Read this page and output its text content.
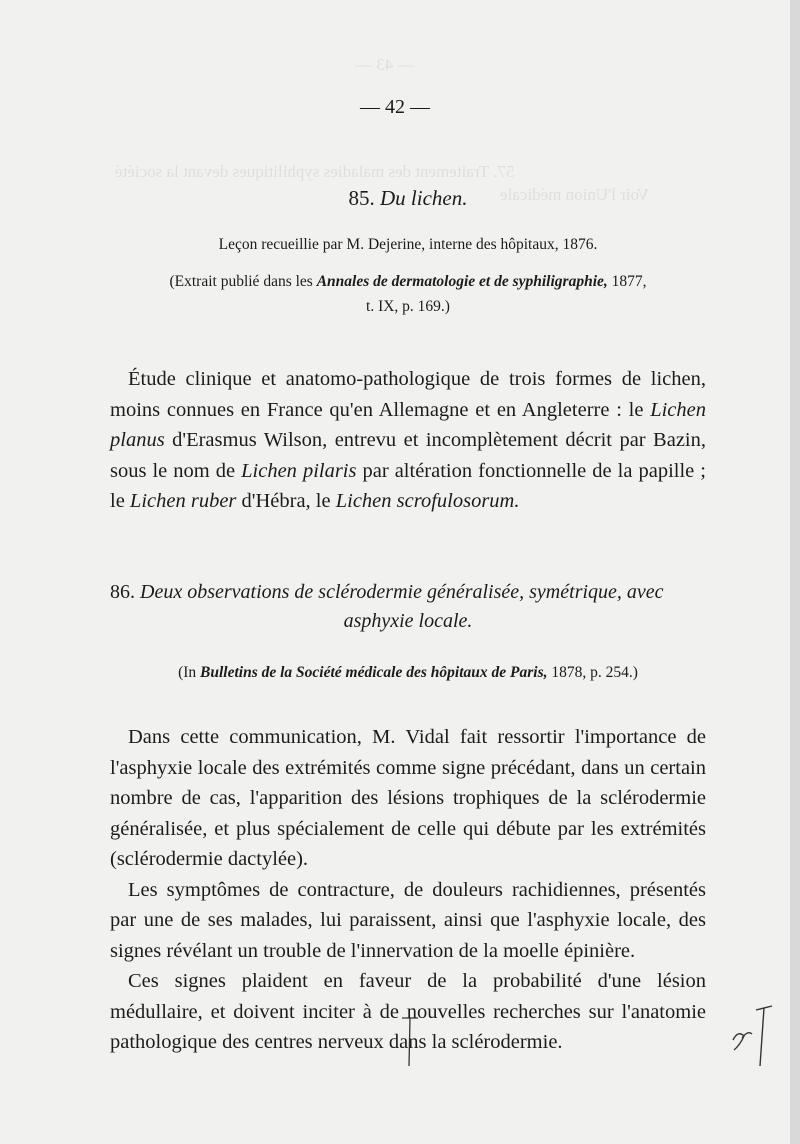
— 43 —
57. Traitement des maladies syphilitiques devant la société
Voir l'Union médicale
— 42 —
85. Du lichen.
Leçon recueillie par M. Dejerine, interne des hôpitaux, 1876.
(Extrait publié dans les Annales de dermatologie et de syphiligraphie, 1877,
t. IX, p. 169.)
Étude clinique et anatomo-pathologique de trois formes de lichen, moins connues en France qu'en Allemagne et en Angleterre : le Lichen planus d'Erasmus Wilson, entrevu et incomplètement décrit par Bazin, sous le nom de Lichen pilaris par altération fonctionnelle de la papille ; le Lichen ruber d'Hébra, le Lichen scrofulosorum.
86. Deux observations de sclérodermie généralisée, symétrique, avec
asphyxie locale.
(In Bulletins de la Société médicale des hôpitaux de Paris, 1878, p. 254.)
Dans cette communication, M. Vidal fait ressortir l'importance de l'asphyxie locale des extrémités comme signe précédant, dans un certain nombre de cas, l'apparition des lésions trophiques de la sclérodermie généralisée, et plus spécialement de celle qui débute par les extrémités (sclérodermie dactylée).
Les symptômes de contracture, de douleurs rachidiennes, présentés par une de ses malades, lui paraissent, ainsi que l'asphyxie locale, des signes révélant un trouble de l'innervation de la moelle épinière.
Ces signes plaident en faveur de la probabilité d'une lésion médullaire, et doivent inciter à de nouvelles recherches sur l'anatomie pathologique des centres nerveux dans la sclérodermie.
